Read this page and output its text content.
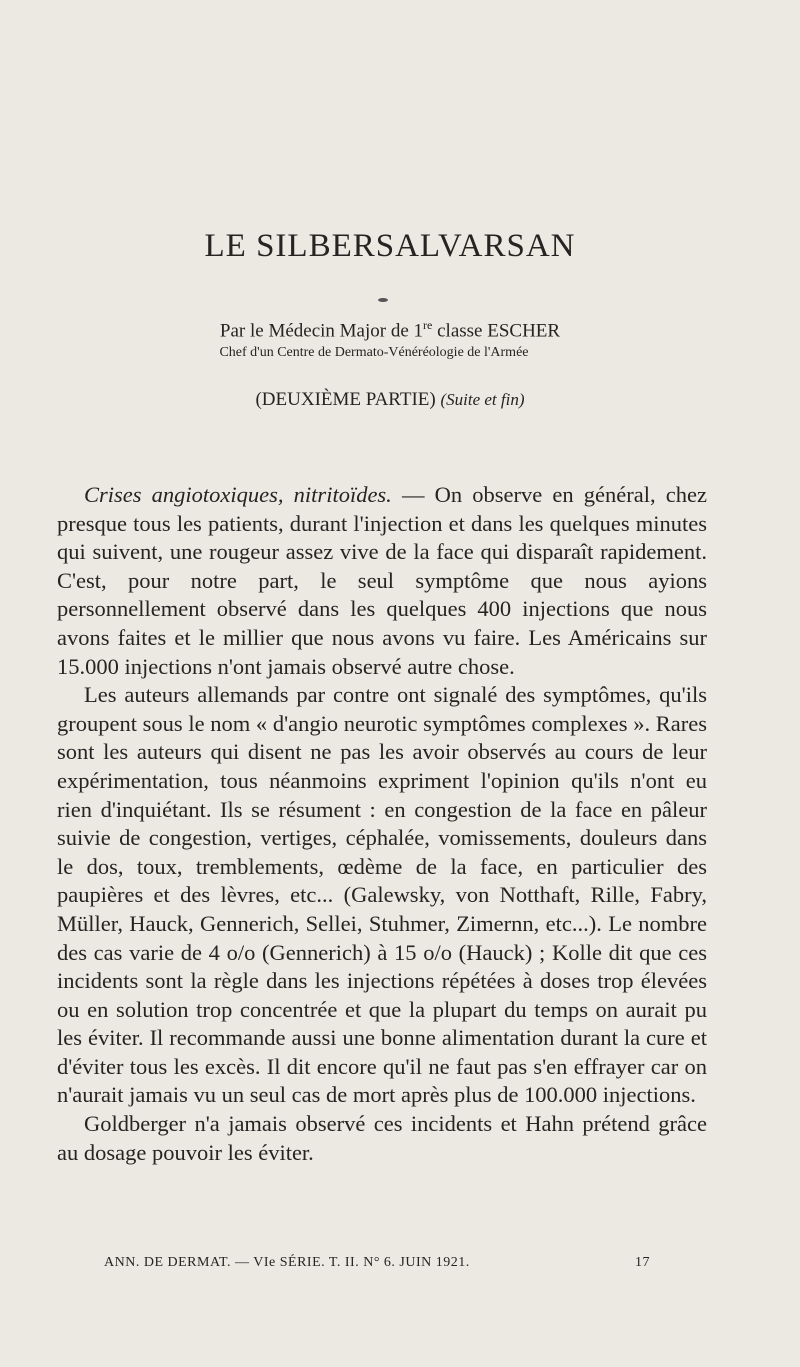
LE SILBERSALVARSAN
Par le Médecin Major de 1re classe ESCHER
Chef d'un Centre de Dermato-Vénéréologie de l'Armée
(DEUXIÈME PARTIE) (Suite et fin)

Crises angiotoxiques, nitritoïdes. — On observe en général, chez presque tous les patients, durant l'injection et dans les quelques minutes qui suivent, une rougeur assez vive de la face qui disparaît rapidement. C'est, pour notre part, le seul symptôme que nous ayions personnellement observé dans les quelques 400 injections que nous avons faites et le millier que nous avons vu faire. Les Américains sur 15.000 injections n'ont jamais observé autre chose.

Les auteurs allemands par contre ont signalé des symptômes, qu'ils groupent sous le nom « d'angio neurotic symptômes complexes ». Rares sont les auteurs qui disent ne pas les avoir observés au cours de leur expérimentation, tous néanmoins expriment l'opinion qu'ils n'ont eu rien d'inquiétant. Ils se résument : en congestion de la face en pâleur suivie de congestion, vertiges, céphalée, vomissements, douleurs dans le dos, toux, tremblements, œdème de la face, en particulier des paupières et des lèvres, etc... (Galewsky, von Notthaft, Rille, Fabry, Müller, Hauck, Gennerich, Sellei, Stuhmer, Zimernn, etc...). Le nombre des cas varie de 4 o/o (Gennerich) à 15 o/o (Hauck) ; Kolle dit que ces incidents sont la règle dans les injections répétées à doses trop élevées ou en solution trop concentrée et que la plupart du temps on aurait pu les éviter. Il recommande aussi une bonne alimentation durant la cure et d'éviter tous les excès. Il dit encore qu'il ne faut pas s'en effrayer car on n'aurait jamais vu un seul cas de mort après plus de 100.000 injections.

Goldberger n'a jamais observé ces incidents et Hahn prétend grâce au dosage pouvoir les éviter.

ANN. DE DERMAT. — VIe SÉRIE. T. II. N° 6. JUIN 1921.	17
